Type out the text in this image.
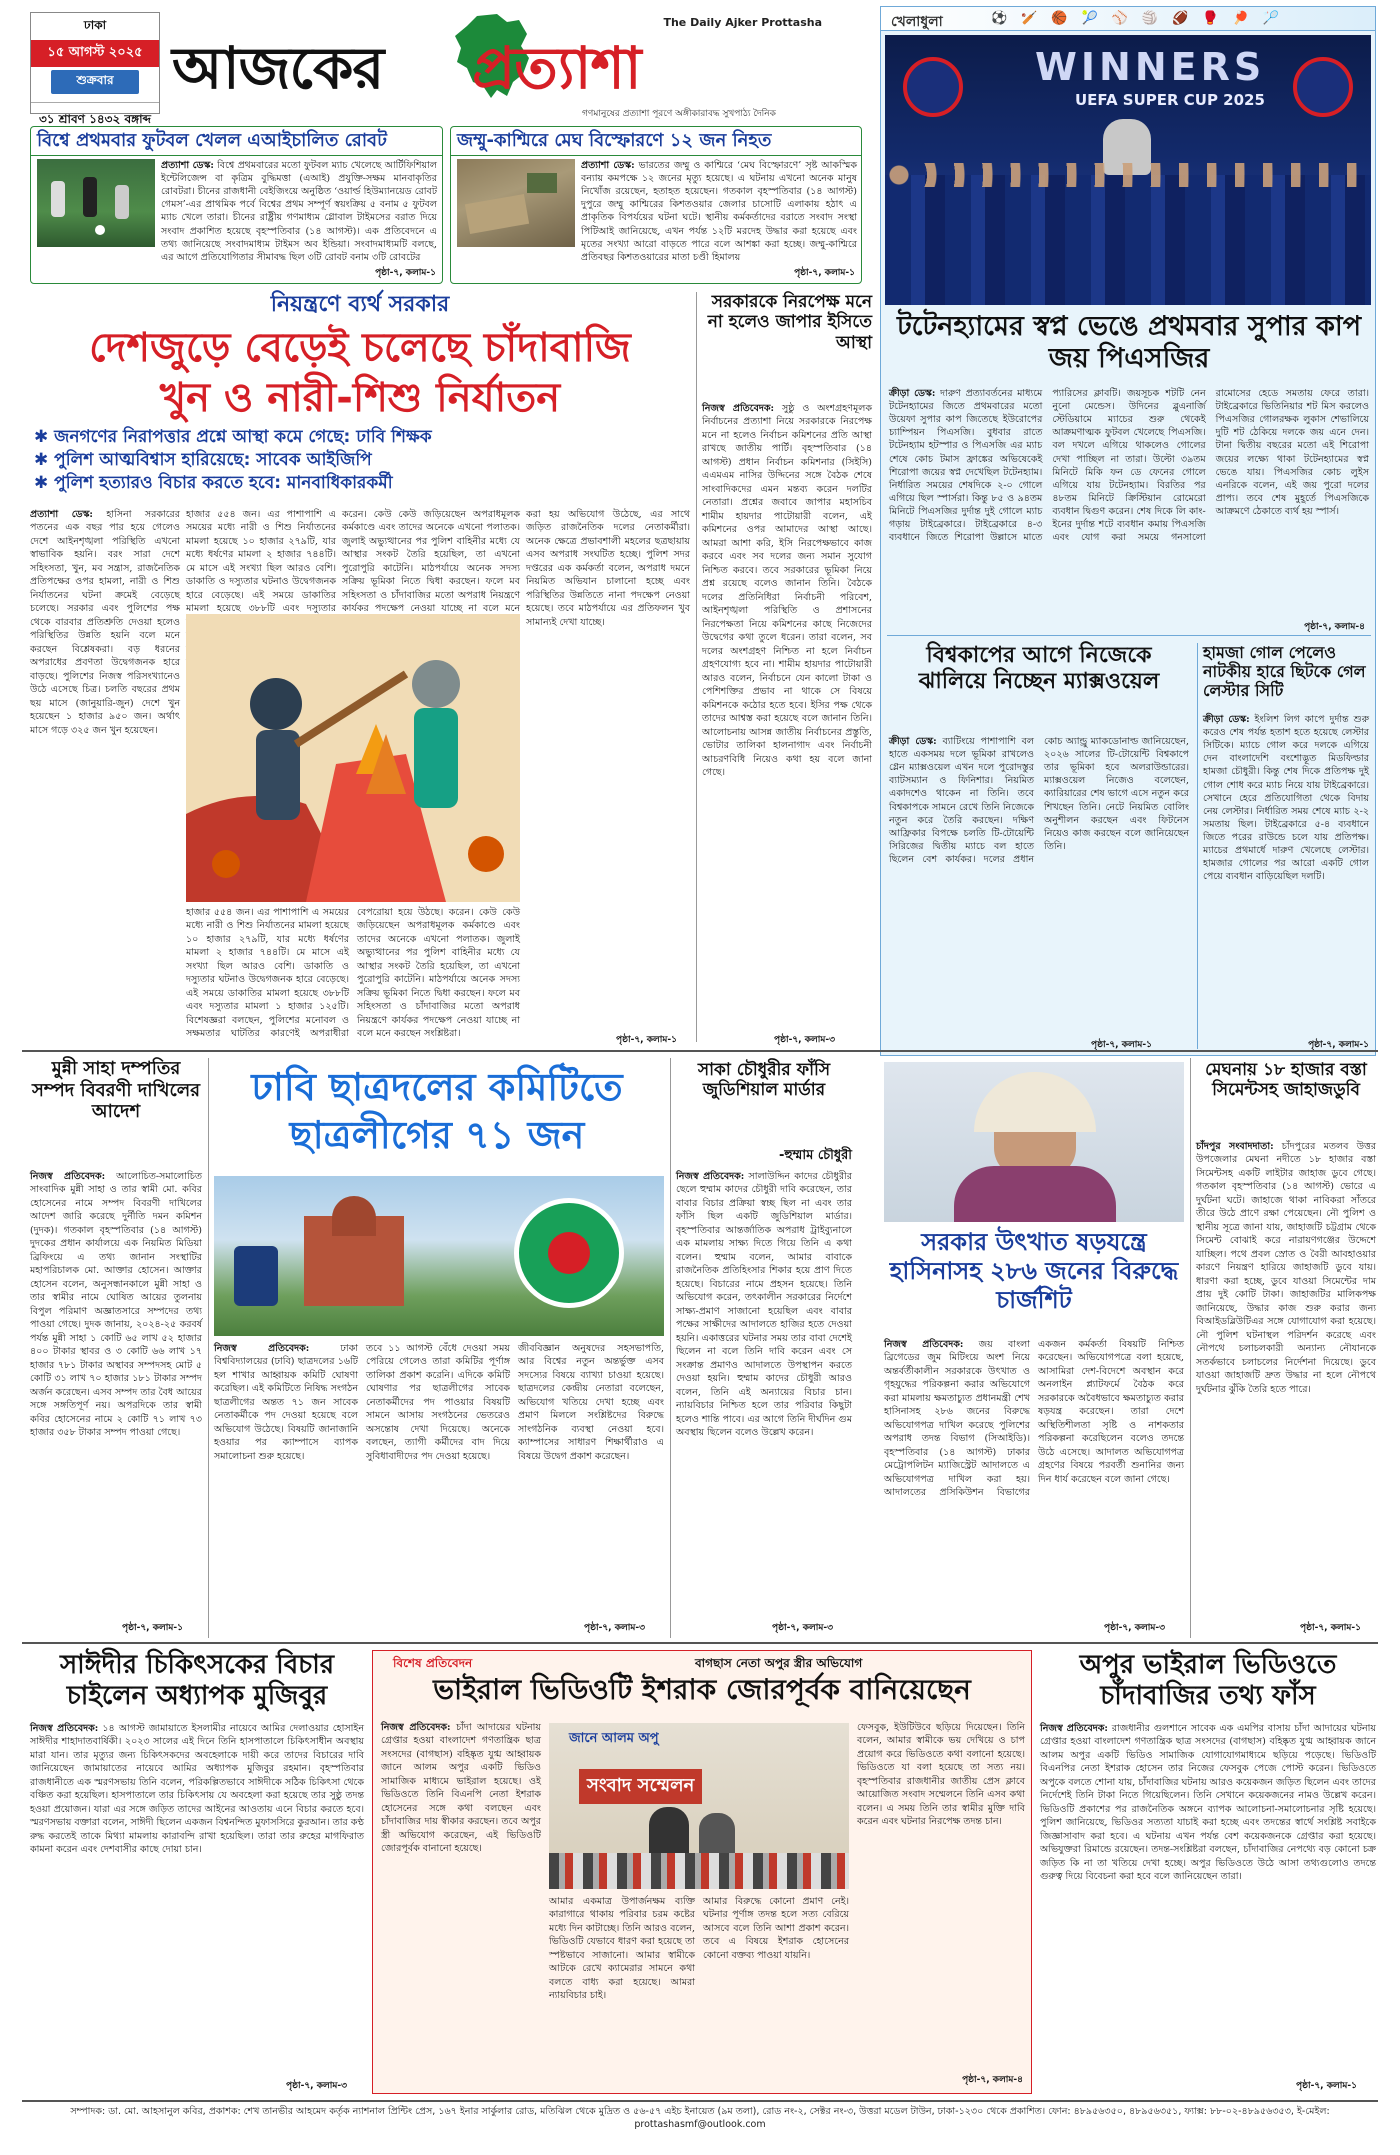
ঢাকা
১৫ আগস্ট ২০২৫
শুক্রবার
৩১ শ্রাবণ ১৪৩২ বঙ্গাব্দ
আজকের প্রত্যাশা
The Daily Ajker Prottasha
গণমানুষের প্রত্যাশা পূরণে অঙ্গীকারাবদ্ধ সুখপাঠ্য দৈনিক
বিশ্বে প্রথমবার ফুটবল খেলল এআইচালিত রোবট
প্রত্যাশা ডেস্ক: বিশ্বে প্রথমবারের মতো ফুটবল ম্যাচ খেলেছে আর্টিফিশিয়াল ইন্টেলিজেন্স বা কৃত্রিম বুদ্ধিমত্তা (এআই) প্রযুক্তি-সক্ষম মানবাকৃতির রোবটরা। চীনের রাজধানী বেইজিংয়ে অনুষ্ঠিত ‘ওয়ার্ল্ড হিউম্যানয়েড রোবট গেমস’-এর প্রাথমিক পর্বে বিশ্বের প্রথম সম্পূর্ণ স্বয়ংক্রিয় ৫ বনাম ৫ ফুটবল ম্যাচ খেলে তারা। চীনের রাষ্ট্রীয় গণমাধ্যম গ্লোবাল টাইমসের বরাত দিয়ে সংবাদ প্রকাশিত হয়েছে বৃহস্পতিবার (১৪ আগস্ট)। এক প্রতিবেদনে এ তথ্য জানিয়েছে সংবাদমাধ্যম টাইমস অব ইন্ডিয়া। সংবাদমাধ্যমটি বলছে, এর আগে প্রতিযোগিতার সীমাবদ্ধ ছিল ৩টি রোবট বনাম ৩টি রোবটের
পৃষ্ঠা-৭, কলাম-১
জম্মু-কাশ্মিরে মেঘ বিস্ফোরণে ১২ জন নিহত
প্রত্যাশা ডেস্ক: ভারতের জম্মু ও কাশ্মিরে ‘মেঘ বিস্ফোরণে’ সৃষ্ট আকস্মিক বন্যায় কমপক্ষে ১২ জনের মৃত্যু হয়েছে। এ ঘটনায় এখনো অনেক মানুষ নিখোঁজ রয়েছেন, হতাহত হয়েছেন। গতকাল বৃহস্পতিবার (১৪ আগস্ট) দুপুরে জম্মু কাশ্মিরের কিশতওয়ার জেলার চাসোটি এলাকায় হঠাৎ এ প্রাকৃতিক বিপর্যয়ের ঘটনা ঘটে। স্থানীয় কর্মকর্তাদের বরাতে সংবাদ সংস্থা পিটিআই জানিয়েছে, এখন পর্যন্ত ১২টি মরদেহ উদ্ধার করা হয়েছে এবং মৃতের সংখ্যা আরো বাড়তে পারে বলে আশঙ্কা করা হচ্ছে। জম্মু-কাশ্মিরে প্রতিবছর কিশতওয়ারের মাতা চণ্ডী হিমালয়
পৃষ্ঠা-৭, কলাম-১
খেলাধুলা	⚽🏏🏀🎾⚾🏐🏈🥊🏓🏸
WINNERS
UEFA SUPER CUP 2025
টটেনহ্যামের স্বপ্ন ভেঙে প্রথমবার সুপার কাপ জয় পিএসজির
ক্রীড়া ডেস্ক: দারুণ প্রত্যাবর্তনের মাধ্যমে টটেনহ্যামের জিতে প্রথমবারের মতো উয়েফা সুপার কাপ জিতেছে ইউরোপের চ্যাম্পিয়ন পিএসজি। বুধবার রাতে টটেনহ্যাম হটস্পার ও পিএসজি এর ম্যাচ শেষে কোচ টমাস ফ্রাঙ্কের অভিষেকেই শিরোপা জয়ের স্বপ্ন দেখেছিল টটেনহ্যাম। নির্ধারিত সময়ের শেষদিকে ২-০ গোলে এগিয়ে ছিল স্পার্সরা। কিন্তু ৮৫ ও ৯৪তম মিনিটে পিএসজির দুর্দান্ত দুই গোলে ম্যাচ গড়ায় টাইব্রেকারে। টাইব্রেকারে ৪-৩ ব্যবধানে জিতে শিরোপা উল্লাসে মাতে প্যারিসের ক্লাবটি। জয়সূচক শটটি নেন নুনো মেন্ডেস। উদিনের ব্লুএনার্জি স্টেডিয়ামে ম্যাচের শুরু থেকেই আক্রমণাত্মক ফুটবল খেলেছে পিএসজি। বল দখলে এগিয়ে থাকলেও গোলের দেখা পাচ্ছিল না তারা। উল্টো ৩৯তম মিনিটে মিকি ফন ডে ফেনের গোলে এগিয়ে যায় টটেনহ্যাম। বিরতির পর ৪৮তম মিনিটে ক্রিস্টিয়ান রোমেরো ব্যবধান দ্বিগুণ করেন। শেষ দিকে লি কাং-ইনের দুর্দান্ত শটে ব্যবধান কমায় পিএসজি এবং যোগ করা সময়ে গনসালো রামোসের হেডে সমতায় ফেরে তারা। টাইব্রেকারে ভিতিনিয়ার শট মিস করলেও পিএসজির গোলরক্ষক লুকাস শেভালিয়ে দুটি শট ঠেকিয়ে দলকে জয় এনে দেন। টানা দ্বিতীয় বছরের মতো এই শিরোপা জয়ের লক্ষ্যে থাকা টটেনহ্যামের স্বপ্ন ভেঙে যায়। পিএসজির কোচ লুইস এনরিকে বলেন, এই জয় পুরো দলের প্রাপ্য। তবে শেষ মুহূর্তে পিএসজিকে আক্রমণে ঠেকাতে ব্যর্থ হয় স্পার্স।
পৃষ্ঠা-৭, কলাম-৪
বিশ্বকাপের আগে নিজেকে ঝালিয়ে নিচ্ছেন ম্যাক্সওয়েল
ক্রীড়া ডেস্ক: ব্যাটিংয়ে পাশাপাশি বল হাতে একসময় দলে ভূমিকা রাখলেও গ্লেন ম্যাক্সওয়েল এখন দলে পুরোদস্তুর ব্যাটসম্যান ও ফিনিশার। নিয়মিত একাদশেও থাকেন না তিনি। তবে বিশ্বকাপকে সামনে রেখে তিনি নিজেকে নতুন করে তৈরি করছেন। দক্ষিণ আফ্রিকার বিপক্ষে চলতি টি-টোয়েন্টি সিরিজের দ্বিতীয় ম্যাচে বল হাতে ছিলেন বেশ কার্যকর। দলের প্রধান কোচ অ্যান্ড্রু ম্যাকডোনাল্ড জানিয়েছেন, ২০২৬ সালের টি-টোয়েন্টি বিশ্বকাপে তার ভূমিকা হবে অলরাউন্ডারের। ম্যাক্সওয়েল নিজেও বলেছেন, ক্যারিয়ারের শেষ ভাগে এসে নতুন করে শিখছেন তিনি। নেটে নিয়মিত বোলিং অনুশীলন করছেন এবং ফিটনেস নিয়েও কাজ করছেন বলে জানিয়েছেন তিনি।
পৃষ্ঠা-৭, কলাম-১
হামজা গোল পেলেও নাটকীয় হারে ছিটকে গেল লেস্টার সিটি
ক্রীড়া ডেস্ক: ইংলিশ লিগ কাপে দুর্দান্ত শুরু করেও শেষ পর্যন্ত হতাশ হতে হয়েছে লেস্টার সিটিকে। ম্যাচে গোল করে দলকে এগিয়ে দেন বাংলাদেশি বংশোদ্ভূত মিডফিল্ডার হামজা চৌধুরী। কিন্তু শেষ দিকে প্রতিপক্ষ দুই গোল শোধ করে ম্যাচ নিয়ে যায় টাইব্রেকারে। সেখানে হেরে প্রতিযোগিতা থেকে বিদায় নেয় লেস্টার। নির্ধারিত সময় শেষে ম্যাচ ২-২ সমতায় ছিল। টাইব্রেকারে ৫-৪ ব্যবধানে জিতে পরের রাউন্ডে চলে যায় প্রতিপক্ষ। ম্যাচের প্রথমার্ধে দারুণ খেলেছে লেস্টার। হামজার গোলের পর আরো একটি গোল পেয়ে ব্যবধান বাড়িয়েছিল দলটি।
পৃষ্ঠা-৭, কলাম-১
নিয়ন্ত্রণে ব্যর্থ সরকার
দেশজুড়ে বেড়েই চলেছে চাঁদাবাজি
খুন ও নারী-শিশু নির্যাতন
✱ জনগণের নিরাপত্তার প্রশ্নে আস্থা কমে গেছে: ঢাবি শিক্ষক
✱ পুলিশ আত্মবিশ্বাস হারিয়েছে: সাবেক আইজিপি
✱ পুলিশ হত্যারও বিচার করতে হবে: মানবাধিকারকর্মী
প্রত্যাশা ডেস্ক: হাসিনা সরকারের পতনের এক বছর পার হয়ে গেলেও দেশে আইনশৃঙ্খলা পরিস্থিতি এখনো স্বাভাবিক হয়নি। বরং সারা দেশে সহিংসতা, খুন, মব সন্ত্রাস, রাজনৈতিক প্রতিপক্ষের ওপর হামলা, নারী ও শিশু নির্যাতনের ঘটনা ক্রমেই বেড়েছে চলেছে। সরকার এবং পুলিশের পক্ষ থেকে বারবার প্রতিশ্রুতি দেওয়া হলেও পরিস্থিতির উন্নতি হয়নি বলে মনে করছেন বিশ্লেষকরা। বড় ধরনের অপরাধের প্রবণতা উদ্বেগজনক হারে বাড়ছে। পুলিশের নিজস্ব পরিসংখ্যানেও উঠে এসেছে চিত্র। চলতি বছরের প্রথম ছয় মাসে (জানুয়ারি-জুন) দেশে খুন হয়েছেন ১ হাজার ৯৫০ জন। অর্থাৎ মাসে গড়ে ৩২৫ জন খুন হয়েছেন।
হাজার ৫৫৪ জন। এর পাশাপাশি এ সময়ের মধ্যে নারী ও শিশু নির্যাতনের মামলা হয়েছে ১০ হাজার ২৭৯টি, যার মধ্যে ধর্ষণের মামলা ২ হাজার ৭৪৪টি। মে মাসে এই সংখ্যা ছিল আরও বেশি। ডাকাতি ও দস্যুতার ঘটনাও উদ্বেগজনক হারে বেড়েছে। এই সময়ে ডাকাতির মামলা হয়েছে ৩৮৮টি এবং দস্যুতার
করেন। কেউ কেউ জড়িয়েছেন অপরাধমূলক কর্মকাণ্ডে এবং তাদের অনেকে এখনো পলাতক। জুলাই অভ্যুত্থানের পর পুলিশ বাহিনীর মধ্যে যে আস্থার সংকট তৈরি হয়েছিল, তা এখনো পুরোপুরি কাটেনি। মাঠপর্যায়ে অনেক সদস্য সক্রিয় ভূমিকা নিতে দ্বিধা করছেন। ফলে মব সহিংসতা ও চাঁদাবাজির মতো অপরাধ নিয়ন্ত্রণে কার্যকর পদক্ষেপ নেওয়া যাচ্ছে না বলে মনে
করা হয় অভিযোগ উঠেছে, এর সাথে জড়িত রাজনৈতিক দলের নেতাকর্মীরা। অনেক ক্ষেত্রে প্রভাবশালী মহলের ছত্রছায়ায় এসব অপরাধ সংঘটিত হচ্ছে। পুলিশ সদর দপ্তরের এক কর্মকর্তা বলেন, অপরাধ দমনে নিয়মিত অভিযান চালানো হচ্ছে এবং পরিস্থিতির উন্নতিতে নানা পদক্ষেপ নেওয়া হয়েছে। তবে মাঠপর্যায়ে এর প্রতিফলন খুব সামান্যই দেখা যাচ্ছে।
হাজার ৫৫৪ জন। এর পাশাপাশি এ সময়ের মধ্যে নারী ও শিশু নির্যাতনের মামলা হয়েছে ১০ হাজার ২৭৯টি, যার মধ্যে ধর্ষণের মামলা ২ হাজার ৭৪৪টি। মে মাসে এই সংখ্যা ছিল আরও বেশি। ডাকাতি ও দস্যুতার ঘটনাও উদ্বেগজনক হারে বেড়েছে। এই সময়ে ডাকাতির মামলা হয়েছে ৩৮৮টি এবং দস্যুতার মামলা ১ হাজার ১২৫টি। বিশেষজ্ঞরা বলছেন, পুলিশের মনোবল ও সক্ষমতার ঘাটতির কারণেই অপরাধীরা বেপরোয়া হয়ে উঠছে। করেন। কেউ কেউ জড়িয়েছেন অপরাধমূলক কর্মকাণ্ডে এবং তাদের অনেকে এখনো পলাতক। জুলাই অভ্যুত্থানের পর পুলিশ বাহিনীর মধ্যে যে আস্থার সংকট তৈরি হয়েছিল, তা এখনো পুরোপুরি কাটেনি। মাঠপর্যায়ে অনেক সদস্য সক্রিয় ভূমিকা নিতে দ্বিধা করছেন। ফলে মব সহিংসতা ও চাঁদাবাজির মতো অপরাধ নিয়ন্ত্রণে কার্যকর পদক্ষেপ নেওয়া যাচ্ছে না বলে মনে করছেন সংশ্লিষ্টরা।
পৃষ্ঠা-৭, কলাম-১
সরকারকে নিরপেক্ষ মনে না হলেও জাপার ইসিতে আস্থা
নিজস্ব প্রতিবেদক: সুষ্ঠু ও অংশগ্রহণমূলক নির্বাচনের প্রত্যাশা নিয়ে সরকারকে নিরপেক্ষ মনে না হলেও নির্বাচন কমিশনের প্রতি আস্থা রাখছে জাতীয় পার্টি। বৃহস্পতিবার (১৪ আগস্ট) প্রধান নির্বাচন কমিশনার (সিইসি) এএমএম নাসির উদ্দিনের সঙ্গে বৈঠক শেষে সাংবাদিকদের এমন মন্তব্য করেন দলটির নেতারা। প্রশ্নের জবাবে জাপার মহাসচিব শামীম হায়দার পাটোয়ারী বলেন, এই কমিশনের ওপর আমাদের আস্থা আছে। আমরা আশা করি, ইসি নিরপেক্ষভাবে কাজ করবে এবং সব দলের জন্য সমান সুযোগ নিশ্চিত করবে। তবে সরকারের ভূমিকা নিয়ে প্রশ্ন রয়েছে বলেও জানান তিনি। বৈঠকে দলের প্রতিনিধিরা নির্বাচনী পরিবেশ, আইনশৃঙ্খলা পরিস্থিতি ও প্রশাসনের নিরপেক্ষতা নিয়ে কমিশনের কাছে নিজেদের উদ্বেগের কথা তুলে ধরেন। তারা বলেন, সব দলের অংশগ্রহণ নিশ্চিত না হলে নির্বাচন গ্রহণযোগ্য হবে না। শামীম হায়দার পাটোয়ারী আরও বলেন, নির্বাচনে যেন কালো টাকা ও পেশিশক্তির প্রভাব না থাকে সে বিষয়ে কমিশনকে কঠোর হতে হবে। ইসির পক্ষ থেকে তাদের আশ্বস্ত করা হয়েছে বলে জানান তিনি। আলোচনায় আসন্ন জাতীয় নির্বাচনের প্রস্তুতি, ভোটার তালিকা হালনাগাদ এবং নির্বাচনী আচরণবিধি নিয়েও কথা হয় বলে জানা গেছে।
পৃষ্ঠা-৭, কলাম-৩
মুন্নী সাহা দম্পতির সম্পদ বিবরণী দাখিলের আদেশ
নিজস্ব প্রতিবেদক: আলোচিত-সমালোচিত সাংবাদিক মুন্নী সাহা ও তার স্বামী মো. কবির হোসেনের নামে সম্পদ বিবরণী দাখিলের আদেশ জারি করেছে দুর্নীতি দমন কমিশন (দুদক)। গতকাল বৃহস্পতিবার (১৪ আগস্ট) দুদকের প্রধান কার্যালয়ে এক নিয়মিত মিডিয়া ব্রিফিংয়ে এ তথ্য জানান সংস্থাটির মহাপরিচালক মো. আক্তার হোসেন। আক্তার হোসেন বলেন, অনুসন্ধানকালে মুন্নী সাহা ও তার স্বামীর নামে ঘোষিত আয়ের তুলনায় বিপুল পরিমাণ অজ্ঞাতসারে সম্পদের তথ্য পাওয়া গেছে। দুদক জানায়, ২০২৪-২৫ করবর্ষ পর্যন্ত মুন্নী সাহা ১ কোটি ৬৫ লাখ ৫২ হাজার ৪০০ টাকার স্থাবর ও ৩ কোটি ৬৬ লাখ ১৭ হাজার ৭৮১ টাকার অস্থাবর সম্পদসহ মোট ৫ কোটি ৩১ লাখ ৭০ হাজার ১৮১ টাকার সম্পদ অর্জন করেছেন। এসব সম্পদ তার বৈধ আয়ের সঙ্গে সঙ্গতিপূর্ণ নয়। অপরদিকে তার স্বামী কবির হোসেনের নামে ২ কোটি ৭১ লাখ ৭৩ হাজার ৩৫৮ টাকার সম্পদ পাওয়া গেছে।
পৃষ্ঠা-৭, কলাম-১
ঢাবি ছাত্রদলের কমিটিতে ছাত্রলীগের ৭১ জন
নিজস্ব প্রতিবেদক:	ঢাকা বিশ্ববিদ্যালয়ের (ঢাবি) ছাত্রদলের ১৬টি হল শাখার আহ্বায়ক কমিটি ঘোষণা করেছিল। এই কমিটিতে নিষিদ্ধ সংগঠন ছাত্রলীগের অন্তত ৭১ জন সাবেক নেতাকর্মীকে পদ দেওয়া হয়েছে বলে অভিযোগ উঠেছে। বিষয়টি জানাজানি হওয়ার পর ক্যাম্পাসে ব্যাপক সমালোচনা শুরু হয়েছে।
তবে ১১ আগস্ট বেঁধে দেওয়া সময় পেরিয়ে গেলেও তারা কমিটির পূর্ণাঙ্গ তালিকা প্রকাশ করেনি। এদিকে কমিটি ঘোষণার পর ছাত্রলীগের সাবেক নেতাকর্মীদের পদ পাওয়ার বিষয়টি সামনে আসায় সংগঠনের ভেতরেও অসন্তোষ দেখা দিয়েছে। অনেকে বলছেন, ত্যাগী কর্মীদের বাদ দিয়ে সুবিধাবাদীদের পদ দেওয়া হয়েছে।
জীববিজ্ঞান অনুষদের সহসভাপতি, আর বিশ্বের নতুন অন্তর্ভুক্ত এসব সদস্যের বিষয়ে ব্যাখ্যা চাওয়া হয়েছে। ছাত্রদলের কেন্দ্রীয় নেতারা বলেছেন, অভিযোগ খতিয়ে দেখা হচ্ছে এবং প্রমাণ মিললে সংশ্লিষ্টদের বিরুদ্ধে সাংগঠনিক ব্যবস্থা নেওয়া হবে। ক্যাম্পাসের সাধারণ শিক্ষার্থীরাও এ বিষয়ে উদ্বেগ প্রকাশ করেছেন।
পৃষ্ঠা-৭, কলাম-৩
সাকা চৌধুরীর ফাঁসি জুডিশিয়াল মার্ডার
-হুম্মাম চৌধুরী
নিজস্ব প্রতিবেদক: সালাউদ্দিন কাদের চৌধুরীর ছেলে হুম্মাম কাদের চৌধুরী দাবি করেছেন, তার বাবার বিচার প্রক্রিয়া স্বচ্ছ ছিল না এবং তার ফাঁসি ছিল একটি জুডিশিয়াল মার্ডার। বৃহস্পতিবার আন্তর্জাতিক অপরাধ ট্রাইব্যুনালে এক মামলায় সাক্ষ্য দিতে গিয়ে তিনি এ কথা বলেন। হুম্মাম বলেন, আমার বাবাকে রাজনৈতিক প্রতিহিংসার শিকার হয়ে প্রাণ দিতে হয়েছে। বিচারের নামে প্রহসন হয়েছে। তিনি অভিযোগ করেন, তৎকালীন সরকারের নির্দেশে সাক্ষ্য-প্রমাণ সাজানো হয়েছিল এবং বাবার পক্ষের সাক্ষীদের আদালতে হাজির হতে দেওয়া হয়নি। একাত্তরের ঘটনার সময় তার বাবা দেশেই ছিলেন না বলে তিনি দাবি করেন এবং সে সংক্রান্ত প্রমাণও আদালতে উপস্থাপন করতে দেওয়া হয়নি। হুম্মাম কাদের চৌধুরী আরও বলেন, তিনি এই অন্যায়ের বিচার চান। ন্যায়বিচার নিশ্চিত হলে তার পরিবার কিছুটা হলেও শান্তি পাবে। এর আগে তিনি দীর্ঘদিন গুম অবস্থায় ছিলেন বলেও উল্লেখ করেন।
পৃষ্ঠা-৭, কলাম-৩
সরকার উৎখাত ষড়যন্ত্রে হাসিনাসহ ২৮৬ জনের বিরুদ্ধে চার্জশিট
নিজস্ব প্রতিবেদক: জয় বাংলা ব্রিগেডের জুম মিটিংয়ে অংশ নিয়ে অন্তর্বর্তীকালীন সরকারকে উৎখাত ও গৃহযুদ্ধের পরিকল্পনা করার অভিযোগে করা মামলায় ক্ষমতাচ্যুত প্রধানমন্ত্রী শেখ হাসিনাসহ ২৮৬ জনের বিরুদ্ধে অভিযোগপত্র দাখিল করেছে পুলিশের অপরাধ তদন্ত বিভাগ (সিআইডি)। বৃহস্পতিবার (১৪ আগস্ট) ঢাকার মেট্রোপলিটন ম্যাজিস্ট্রেট আদালতে এ অভিযোগপত্র দাখিল করা হয়। আদালতের প্রসিকিউশন বিভাগের একজন কর্মকর্তা বিষয়টি নিশ্চিত করেছেন। অভিযোগপত্রে বলা হয়েছে, আসামিরা দেশ-বিদেশে অবস্থান করে অনলাইন প্ল্যাটফর্মে বৈঠক করে সরকারকে অবৈধভাবে ক্ষমতাচ্যুত করার ষড়যন্ত্র করেছেন। তারা দেশে অস্থিতিশীলতা সৃষ্টি ও নাশকতার পরিকল্পনা করেছিলেন বলেও তদন্তে উঠে এসেছে। আদালত অভিযোগপত্র গ্রহণের বিষয়ে পরবর্তী শুনানির জন্য দিন ধার্য করেছেন বলে জানা গেছে।
পৃষ্ঠা-৭, কলাম-৩
মেঘনায় ১৮ হাজার বস্তা সিমেন্টসহ জাহাজডুবি
চাঁদপুর সংবাদদাতা: চাঁদপুরের মতলব উত্তর উপজেলার মেঘনা নদীতে ১৮ হাজার বস্তা সিমেন্টসহ একটি লাইটার জাহাজ ডুবে গেছে। গতকাল বৃহস্পতিবার (১৪ আগস্ট) ভোরে এ দুর্ঘটনা ঘটে। জাহাজে থাকা নাবিকরা সাঁতরে তীরে উঠে প্রাণে রক্ষা পেয়েছেন। নৌ পুলিশ ও স্থানীয় সূত্রে জানা যায়, জাহাজটি চট্টগ্রাম থেকে সিমেন্ট বোঝাই করে নারায়ণগঞ্জের উদ্দেশে যাচ্ছিল। পথে প্রবল স্রোত ও বৈরী আবহাওয়ার কারণে নিয়ন্ত্রণ হারিয়ে জাহাজটি ডুবে যায়। ধারণা করা হচ্ছে, ডুবে যাওয়া সিমেন্টের দাম প্রায় দুই কোটি টাকা। জাহাজটির মালিকপক্ষ জানিয়েছে, উদ্ধার কাজ শুরু করার জন্য বিআইডব্লিউটিএর সঙ্গে যোগাযোগ করা হয়েছে। নৌ পুলিশ ঘটনাস্থল পরিদর্শন করেছে এবং নৌপথে চলাচলকারী অন্যান্য নৌযানকে সতর্কভাবে চলাচলের নির্দেশনা দিয়েছে। ডুবে যাওয়া জাহাজটি দ্রুত উদ্ধার না হলে নৌপথে দুর্ঘটনার ঝুঁকি তৈরি হতে পারে।
পৃষ্ঠা-৭, কলাম-১
সাঈদীর চিকিৎসকের বিচার চাইলেন অধ্যাপক মুজিবুর
নিজস্ব প্রতিবেদক: ১৪ আগস্ট জামায়াতে ইসলামীর নায়েবে আমির দেলাওয়ার হোসাইন সাঈদীর শাহাদাতবার্ষিকী। ২০২৩ সালের এই দিনে তিনি হাসপাতালে চিকিৎসাধীন অবস্থায় মারা যান। তার মৃত্যুর জন্য চিকিৎসকদের অবহেলাকে দায়ী করে তাদের বিচারের দাবি জানিয়েছেন জামায়াতের নায়েবে আমির অধ্যাপক মুজিবুর রহমান। বৃহস্পতিবার রাজধানীতে এক স্মরণসভায় তিনি বলেন, পরিকল্পিতভাবে সাঈদীকে সঠিক চিকিৎসা থেকে বঞ্চিত করা হয়েছিল। হাসপাতালে তার চিকিৎসায় যে অবহেলা করা হয়েছে তার সুষ্ঠু তদন্ত হওয়া প্রয়োজন। যারা এর সঙ্গে জড়িত তাদের আইনের আওতায় এনে বিচার করতে হবে। স্মরণসভায় বক্তারা বলেন, সাঈদী ছিলেন একজন বিশ্বনন্দিত মুফাসসিরে কুরআন। তার কণ্ঠ রুদ্ধ করতেই তাকে মিথ্যা মামলায় কারাবন্দি রাখা হয়েছিল। তারা তার রুহের মাগফিরাত কামনা করেন এবং দেশবাসীর কাছে দোয়া চান।
পৃষ্ঠা-৭, কলাম-৩
বিশেষ প্রতিবেদন	বাগছাস নেতা অপুর স্ত্রীর অভিযোগ
ভাইরাল ভিডিওটি ইশরাক জোরপূর্বক বানিয়েছেন
নিজস্ব প্রতিবেদক: চাঁদা আদায়ের ঘটনায় গ্রেপ্তার হওয়া বাংলাদেশ গণতান্ত্রিক ছাত্র সংসদের (বাগছাস) বহিষ্কৃত যুগ্ম আহ্বায়ক জানে আলম অপুর একটি ভিডিও সামাজিক মাধ্যমে ভাইরাল হয়েছে। ওই ভিডিওতে তিনি বিএনপি নেতা ইশরাক হোসেনের সঙ্গে কথা বলছেন এবং চাঁদাবাজির দায় স্বীকার করছেন। তবে অপুর স্ত্রী অভিযোগ করেছেন, এই ভিডিওটি জোরপূর্বক বানানো হয়েছে।
জানে আলম অপু
সংবাদ সম্মেলন
ফেসবুক, ইউটিউবে ছড়িয়ে দিয়েছেন। তিনি বলেন, আমার স্বামীকে ভয় দেখিয়ে ও চাপ প্রয়োগ করে ভিডিওতে কথা বলানো হয়েছে। ভিডিওতে যা বলা হয়েছে তা সত্য নয়। বৃহস্পতিবার রাজধানীর জাতীয় প্রেস ক্লাবে আয়োজিত সংবাদ সম্মেলনে তিনি এসব কথা বলেন। এ সময় তিনি তার স্বামীর মুক্তি দাবি করেন এবং ঘটনার নিরপেক্ষ তদন্ত চান।
আমার একমাত্র উপার্জনক্ষম ব্যক্তি কারাগারে থাকায় পরিবার চরম কষ্টের মধ্যে দিন কাটাচ্ছে। তিনি আরও বলেন, ভিডিওটি যেভাবে ধারণ করা হয়েছে তা স্পষ্টভাবে সাজানো। আমার স্বামীকে আটকে রেখে ক্যামেরার সামনে কথা বলতে বাধ্য করা হয়েছে। আমরা ন্যায়বিচার চাই।
আমার বিরুদ্ধে কোনো প্রমাণ নেই। ঘটনার পূর্ণাঙ্গ তদন্ত হলে সত্য বেরিয়ে আসবে বলে তিনি আশা প্রকাশ করেন। তবে এ বিষয়ে ইশরাক হোসেনের কোনো বক্তব্য পাওয়া যায়নি।
পৃষ্ঠা-৭, কলাম-৪
অপুর ভাইরাল ভিডিওতে চাঁদাবাজির তথ্য ফাঁস
নিজস্ব প্রতিবেদক: রাজধানীর গুলশানে সাবেক এক এমপির বাসায় চাঁদা আদায়ের ঘটনায় গ্রেপ্তার হওয়া বাংলাদেশ গণতান্ত্রিক ছাত্র সংসদের (বাগছাস) বহিষ্কৃত যুগ্ম আহ্বায়ক জানে আলম অপুর একটি ভিডিও সামাজিক যোগাযোগমাধ্যমে ছড়িয়ে পড়েছে। ভিডিওটি বিএনপির নেতা ইশরাক হোসেন তার নিজের ফেসবুক পেজে পোস্ট করেন। ভিডিওতে অপুকে বলতে শোনা যায়, চাঁদাবাজির ঘটনায় আরও কয়েকজন জড়িত ছিলেন এবং তাদের নির্দেশেই তিনি টাকা নিতে গিয়েছিলেন। তিনি সেখানে কয়েকজনের নামও উল্লেখ করেন। ভিডিওটি প্রকাশের পর রাজনৈতিক অঙ্গনে ব্যাপক আলোচনা-সমালোচনার সৃষ্টি হয়েছে। পুলিশ জানিয়েছে, ভিডিওর সত্যতা যাচাই করা হচ্ছে এবং তদন্তের স্বার্থে সংশ্লিষ্ট সবাইকে জিজ্ঞাসাবাদ করা হবে। এ ঘটনায় এখন পর্যন্ত বেশ কয়েকজনকে গ্রেপ্তার করা হয়েছে। অভিযুক্তরা রিমান্ডে রয়েছেন। তদন্ত-সংশ্লিষ্টরা বলছেন, চাঁদাবাজির নেপথ্যে বড় কোনো চক্র জড়িত কি না তা খতিয়ে দেখা হচ্ছে। অপুর ভিডিওতে উঠে আসা তথ্যগুলোও তদন্তে গুরুত্ব দিয়ে বিবেচনা করা হবে বলে জানিয়েছেন তারা।
পৃষ্ঠা-৭, কলাম-১
সম্পাদক: ডা. মো. আহসানুল কবির, প্রকাশক: শেখ তানভীর আহমেদ কর্তৃক ন্যাশনাল প্রিন্টিং প্রেস, ১৬৭ ইনার সার্কুলার রোড, মতিঝিল থেকে মুদ্রিত ও ৫৬-৫৭ এইচ ইনায়েত (৯ম তলা), রোড নং-২, সেক্টর নং-৩, উত্তরা মডেল টাউন, ঢাকা-১২৩০ থেকে প্রকাশিত। ফোন: ৪৮৯৫৬৩৫০, ৪৮৯৫৬৩৫১, ফ্যাক্স: ৮৮-০২-৪৮৯৫৬৩৫৩, ই-মেইল: prottashasmf@outlook.com
